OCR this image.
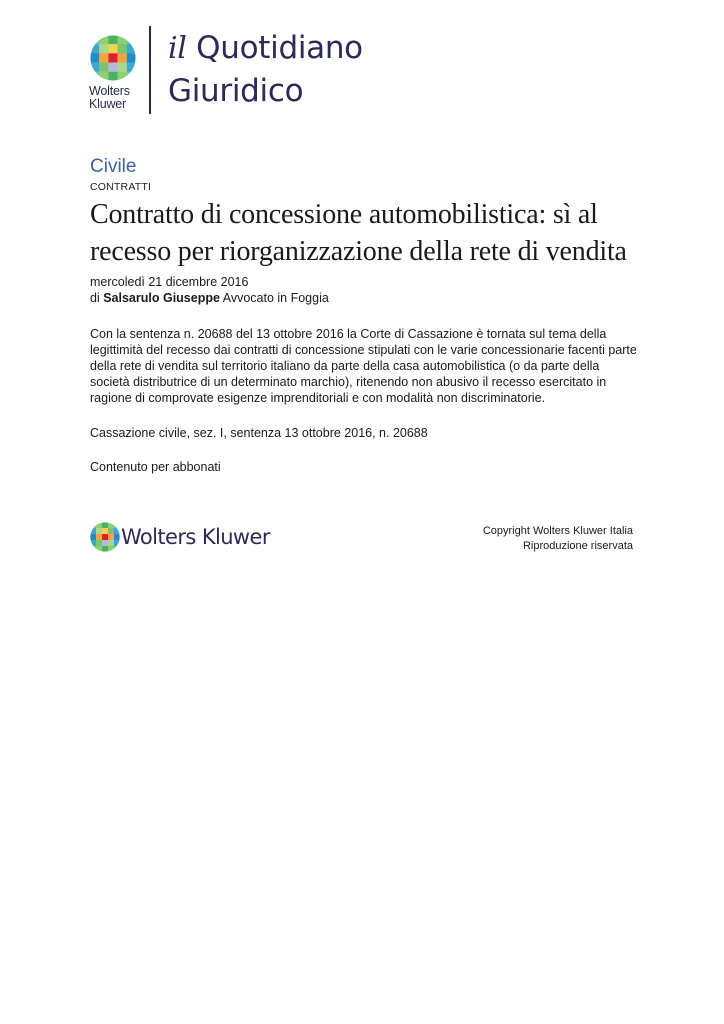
Wolters
Kluwer
il Quotidiano
Giuridico

Civile

CONTRATTI

Contratto di concessione automobilistica: sì al recesso per riorganizzazione della rete di vendita

mercoledì 21 dicembre 2016

di Salsarulo Giuseppe Avvocato in Foggia

Con la sentenza n. 20688 del 13 ottobre 2016 la Corte di Cassazione è tornata sul tema della legittimità del recesso dai contratti di concessione stipulati con le varie concessionarie facenti parte della rete di vendita sul territorio italiano da parte della casa automobilistica (o da parte della società distributrice di un determinato marchio), ritenendo non abusivo il recesso esercitato in ragione di comprovate esigenze imprenditoriali e con modalità non discriminatorie.

Cassazione civile, sez. I, sentenza 13 ottobre 2016, n. 20688

Contenuto per abbonati

Wolters Kluwer	Copyright Wolters Kluwer Italia
Riproduzione riservata
